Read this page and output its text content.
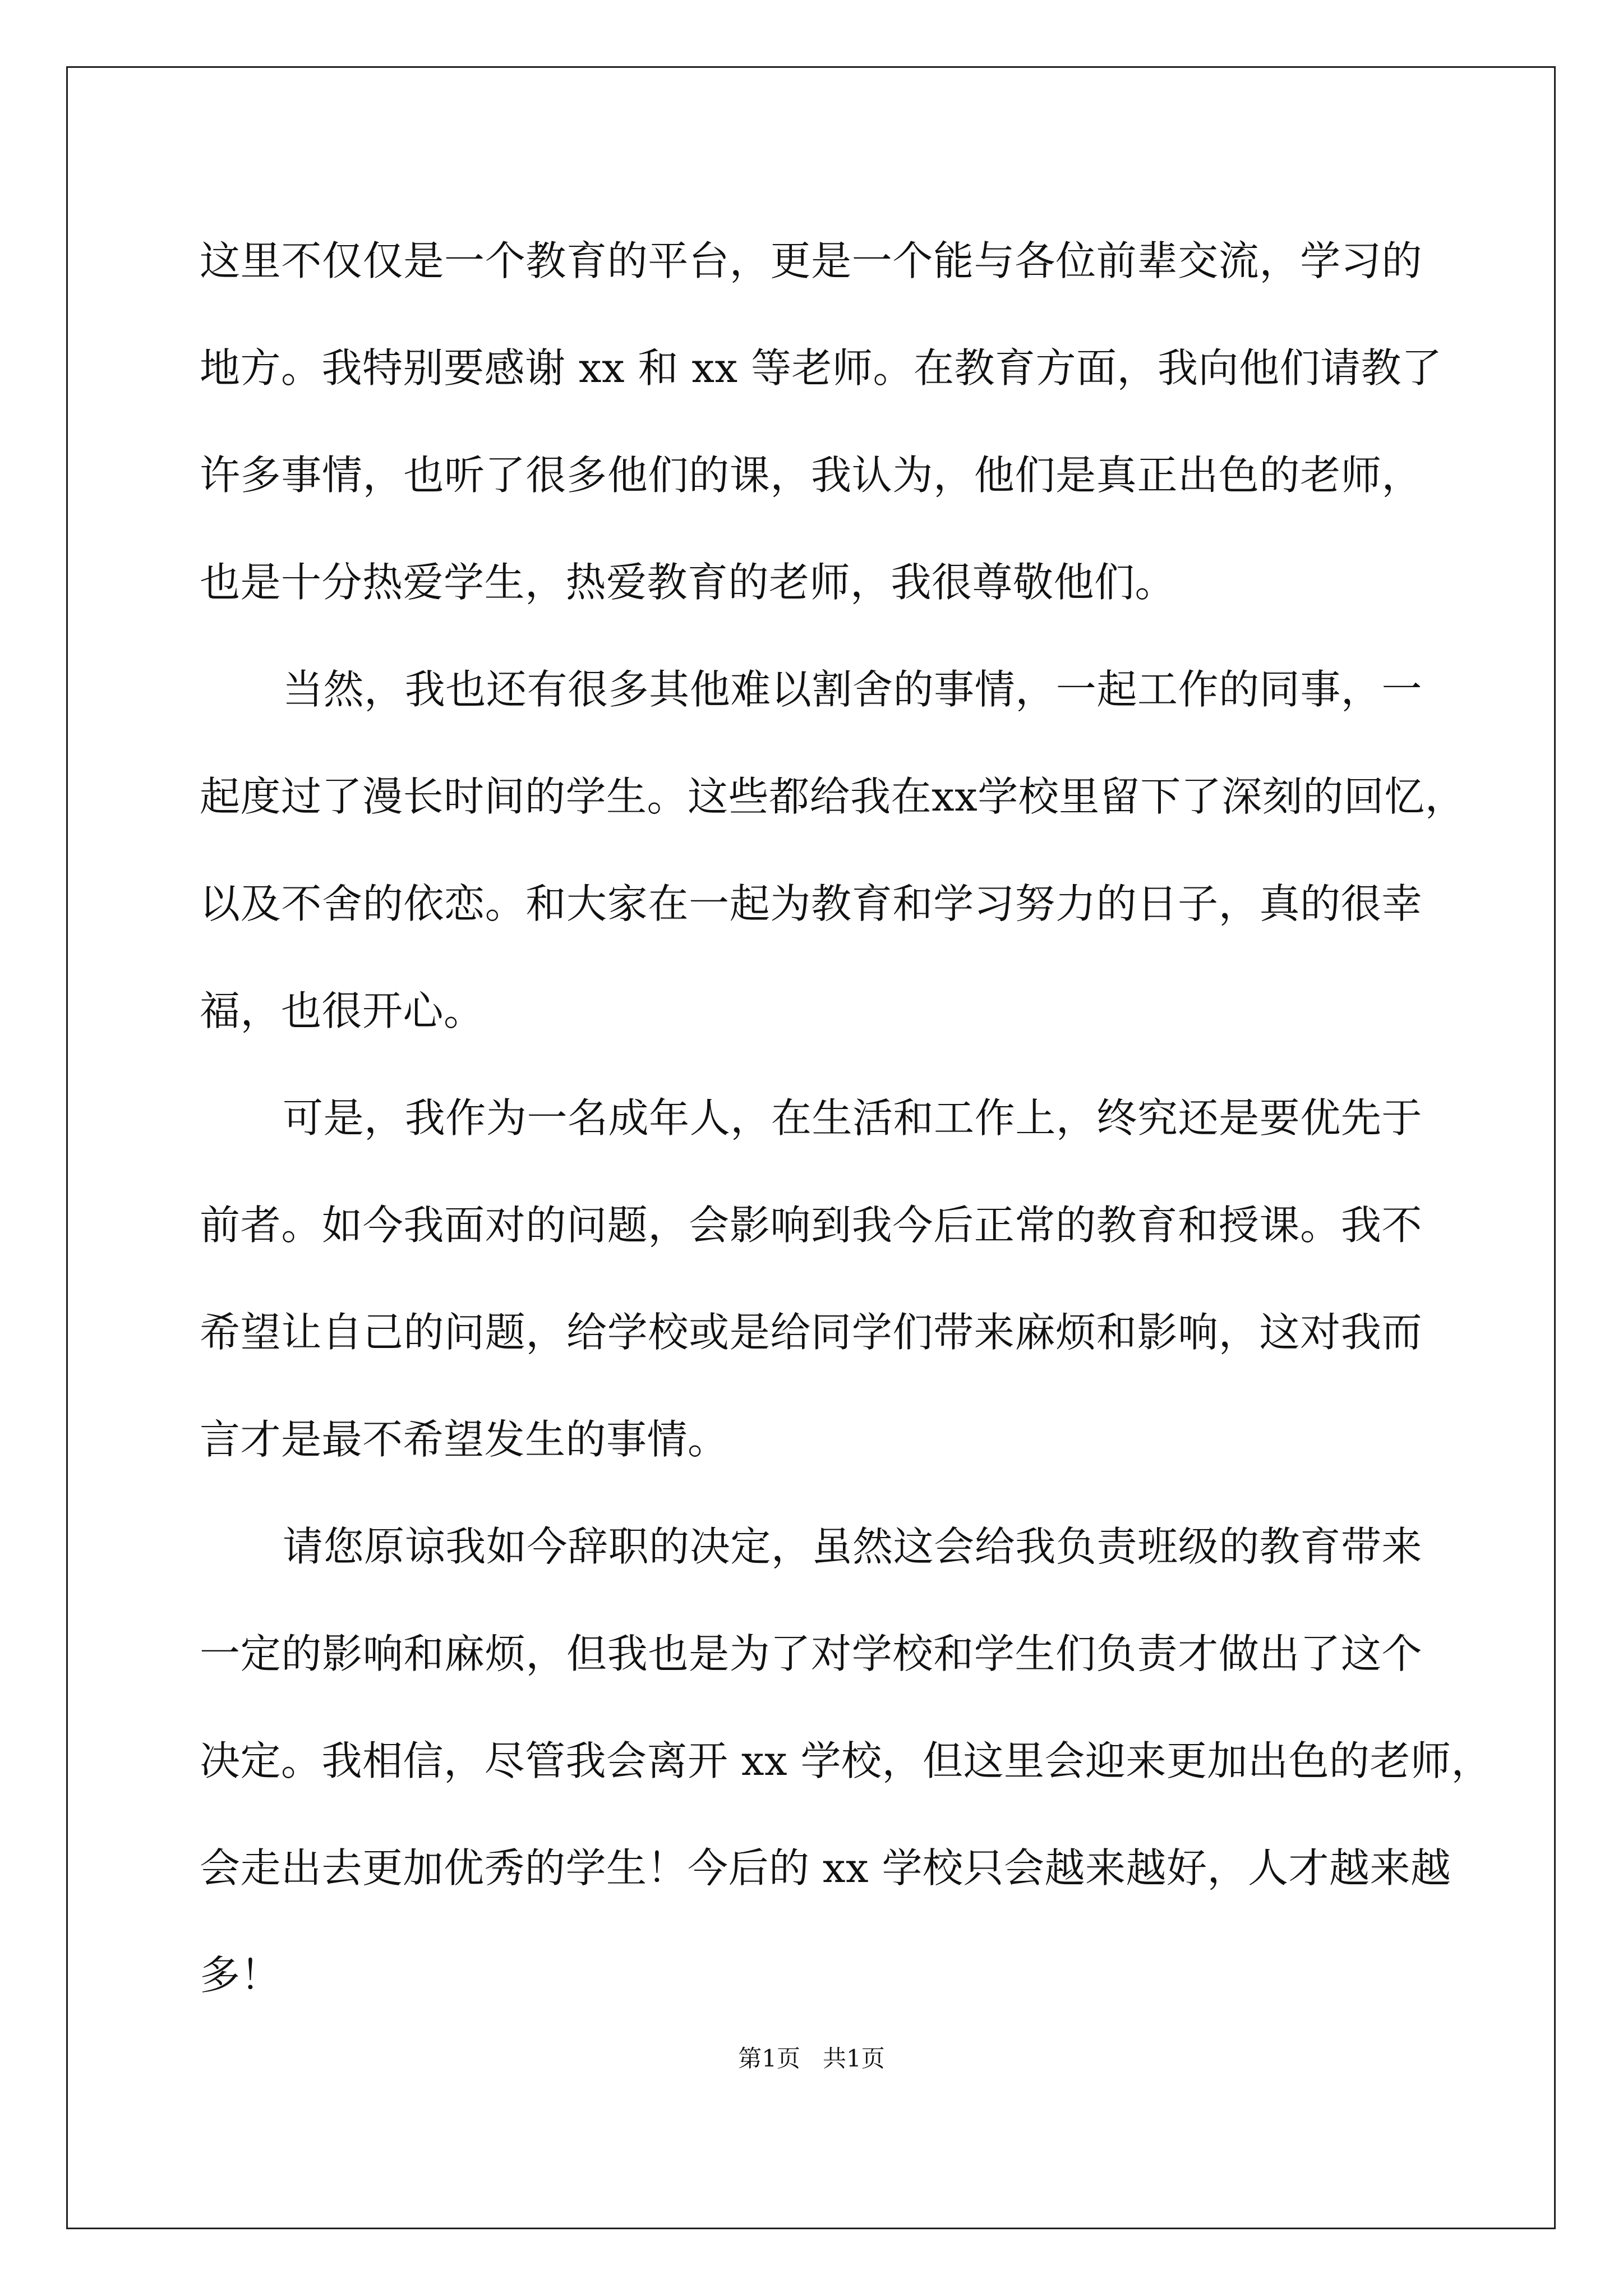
这里不仅仅是一个教育的平台，更是一个能与各位前辈交流，学习的
地方。我特别要感谢 xx 和 xx 等老师。在教育方面，我向他们请教了
许多事情，也听了很多他们的课，我认为，他们是真正出色的老师，
也是十分热爱学生，热爱教育的老师，我很尊敬他们。
当然，我也还有很多其他难以割舍的事情，一起工作的同事，一
起度过了漫长时间的学生。这些都给我在xx学校里留下了深刻的回忆，
以及不舍的依恋。和大家在一起为教育和学习努力的日子，真的很幸
福，也很开心。
可是，我作为一名成年人，在生活和工作上，终究还是要优先于
前者。如今我面对的问题，会影响到我今后正常的教育和授课。我不
希望让自己的问题，给学校或是给同学们带来麻烦和影响，这对我而
言才是最不希望发生的事情。
请您原谅我如今辞职的决定，虽然这会给我负责班级的教育带来
一定的影响和麻烦，但我也是为了对学校和学生们负责才做出了这个
决定。我相信，尽管我会离开 xx 学校，但这里会迎来更加出色的老师，
会走出去更加优秀的学生！今后的 xx 学校只会越来越好，人才越来越
多！
第1页   共1页
